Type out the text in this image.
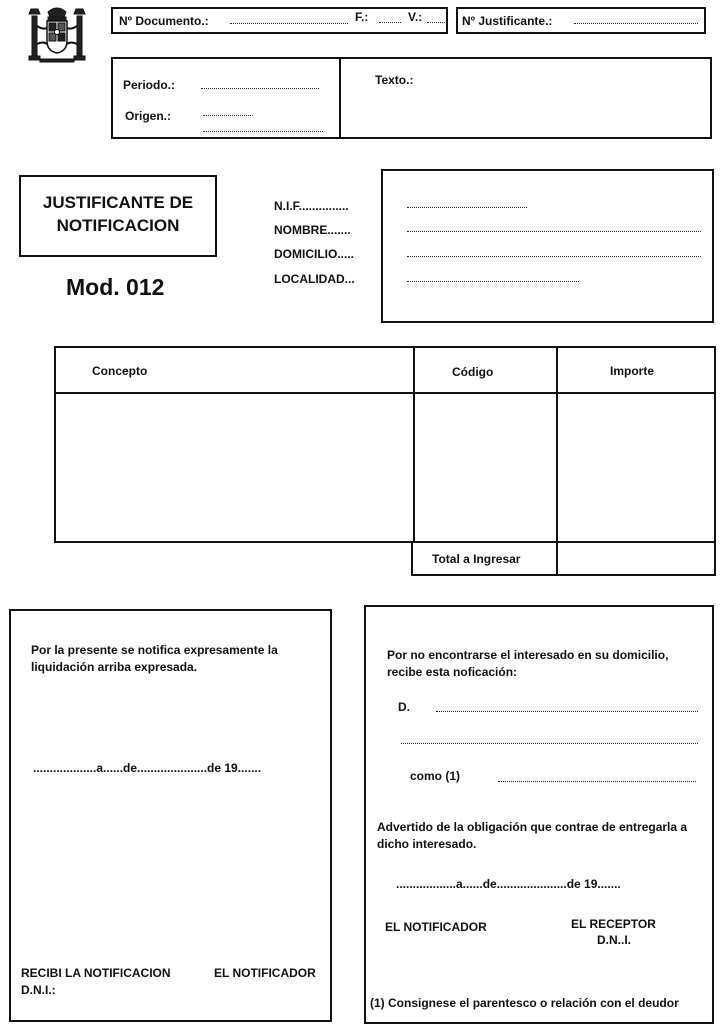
Nº Documento.:	F.:	V.:	Nº Justificante.:
Periodo.:
Origen.:
Texto.:
JUSTIFICANTE DE
NOTIFICACION
Mod. 012
N.I.F...............
NOMBRE.......
DOMICILIO.....
LOCALIDAD...
Concepto	Código	Importe
Total a Ingresar
Por la presente se notifica expresamente la liquidación arriba expresada.
...................a......de.....................de 19.......
RECIBI LA NOTIFICACION
D.N.I.:
EL NOTIFICADOR
Por no encontrarse el interesado en su domicilio, recibe esta noficación:
D.
como (1)
Advertido de la obligación que contrae de entregarla a dicho interesado.
..................a......de.....................de 19.......
EL NOTIFICADOR	EL RECEPTOR
D.N..I.
(1) Consignese el parentesco o relación con el deudor
